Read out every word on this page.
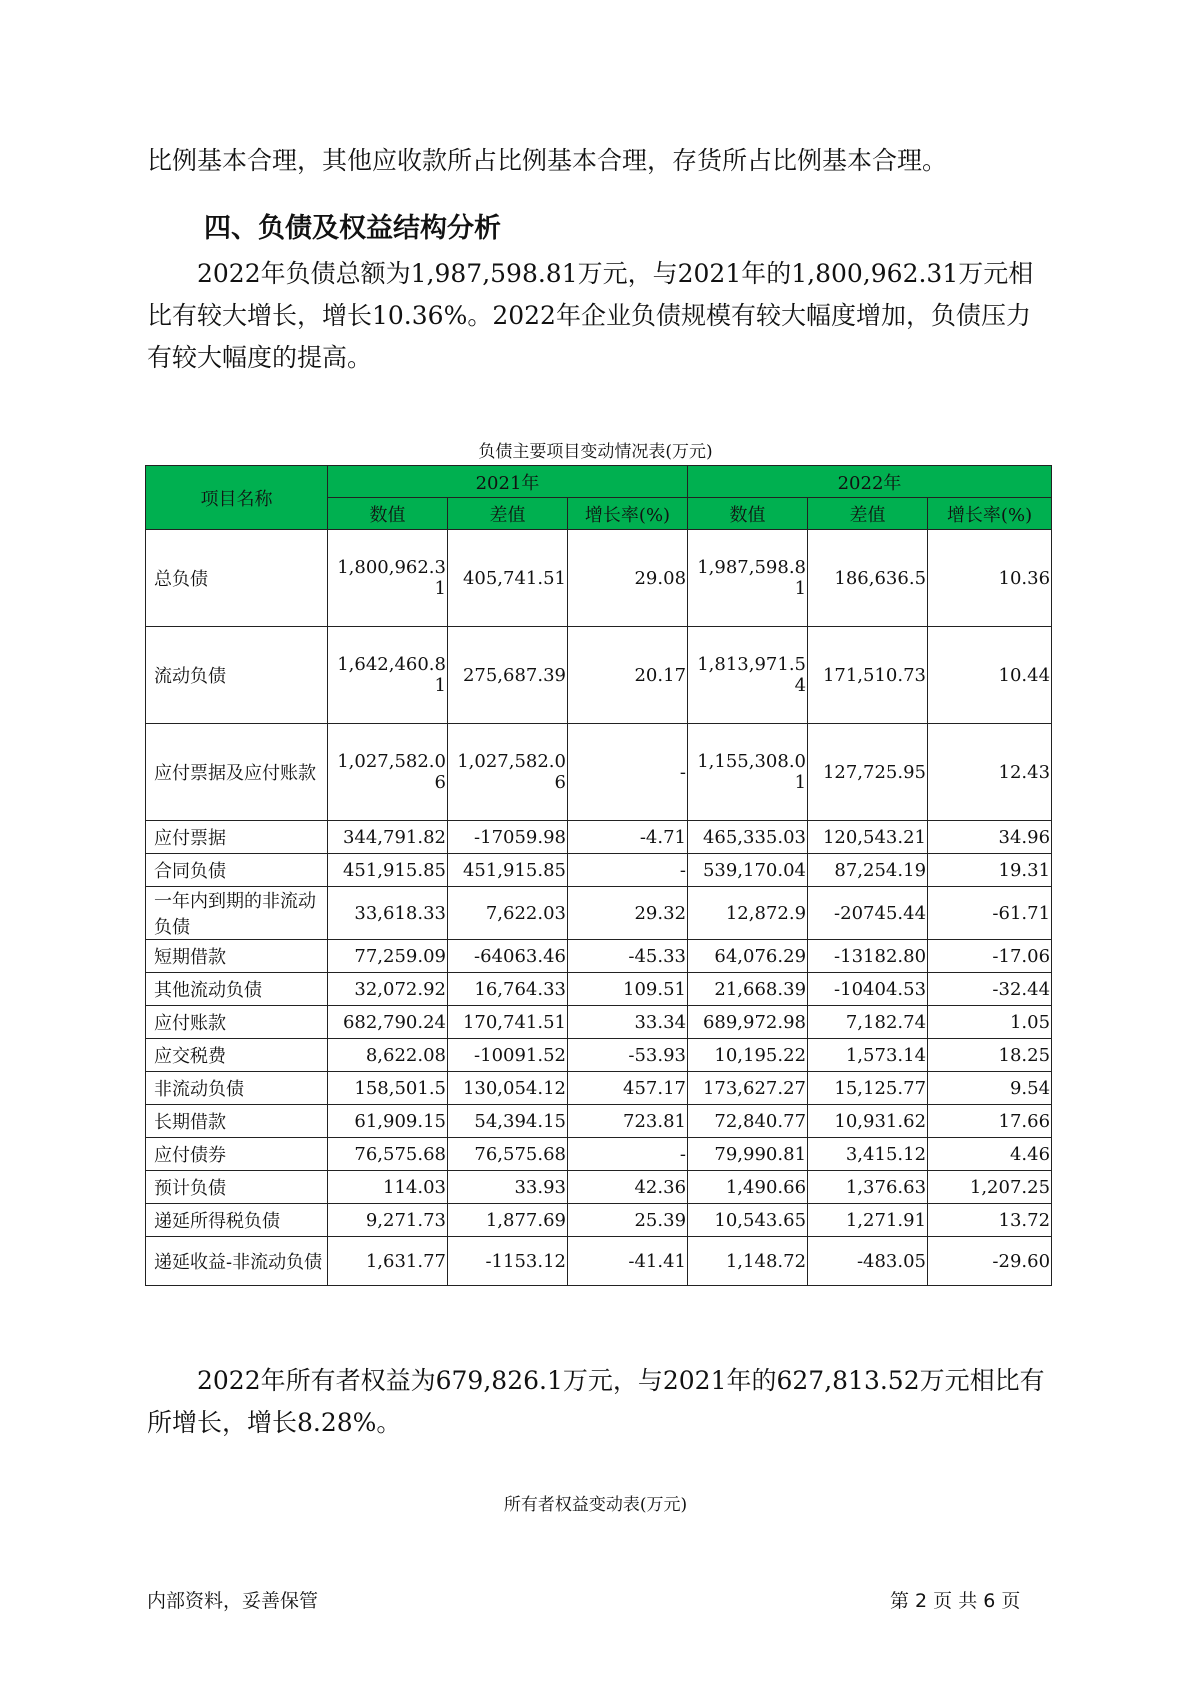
比例基本合理，其他应收款所占比例基本合理，存货所占比例基本合理。

四、负债及权益结构分析

2022年负债总额为1,987,598.81万元，与2021年的1,800,962.31万元相比有较大增长，增长10.36%。2022年企业负债规模有较大幅度增加，负债压力有较大幅度的提高。

负债主要项目变动情况表(万元)
项目名称	2021年			2022年		
	数值	差值	增长率(%)	数值	差值	增长率(%)
总负债	1,800,962.31	405,741.51	29.08	1,987,598.81	186,636.5	10.36
流动负债	1,642,460.81	275,687.39	20.17	1,813,971.54	171,510.73	10.44
应付票据及应付账款	1,027,582.06	1,027,582.06	-	1,155,308.01	127,725.95	12.43
应付票据	344,791.82	-17059.98	-4.71	465,335.03	120,543.21	34.96
合同负债	451,915.85	451,915.85	-	539,170.04	87,254.19	19.31
一年内到期的非流动负债	33,618.33	7,622.03	29.32	12,872.9	-20745.44	-61.71
短期借款	77,259.09	-64063.46	-45.33	64,076.29	-13182.80	-17.06
其他流动负债	32,072.92	16,764.33	109.51	21,668.39	-10404.53	-32.44
应付账款	682,790.24	170,741.51	33.34	689,972.98	7,182.74	1.05
应交税费	8,622.08	-10091.52	-53.93	10,195.22	1,573.14	18.25
非流动负债	158,501.5	130,054.12	457.17	173,627.27	15,125.77	9.54
长期借款	61,909.15	54,394.15	723.81	72,840.77	10,931.62	17.66
应付债券	76,575.68	76,575.68	-	79,990.81	3,415.12	4.46
预计负债	114.03	33.93	42.36	1,490.66	1,376.63	1,207.25
递延所得税负债	9,271.73	1,877.69	25.39	10,543.65	1,271.91	13.72
递延收益-非流动负债	1,631.77	-1153.12	-41.41	1,148.72	-483.05	-29.60

2022年所有者权益为679,826.1万元，与2021年的627,813.52万元相比有所增长，增长8.28%。

所有者权益变动表(万元)
内部资料，妥善保管	第 2 页 共 6 页
